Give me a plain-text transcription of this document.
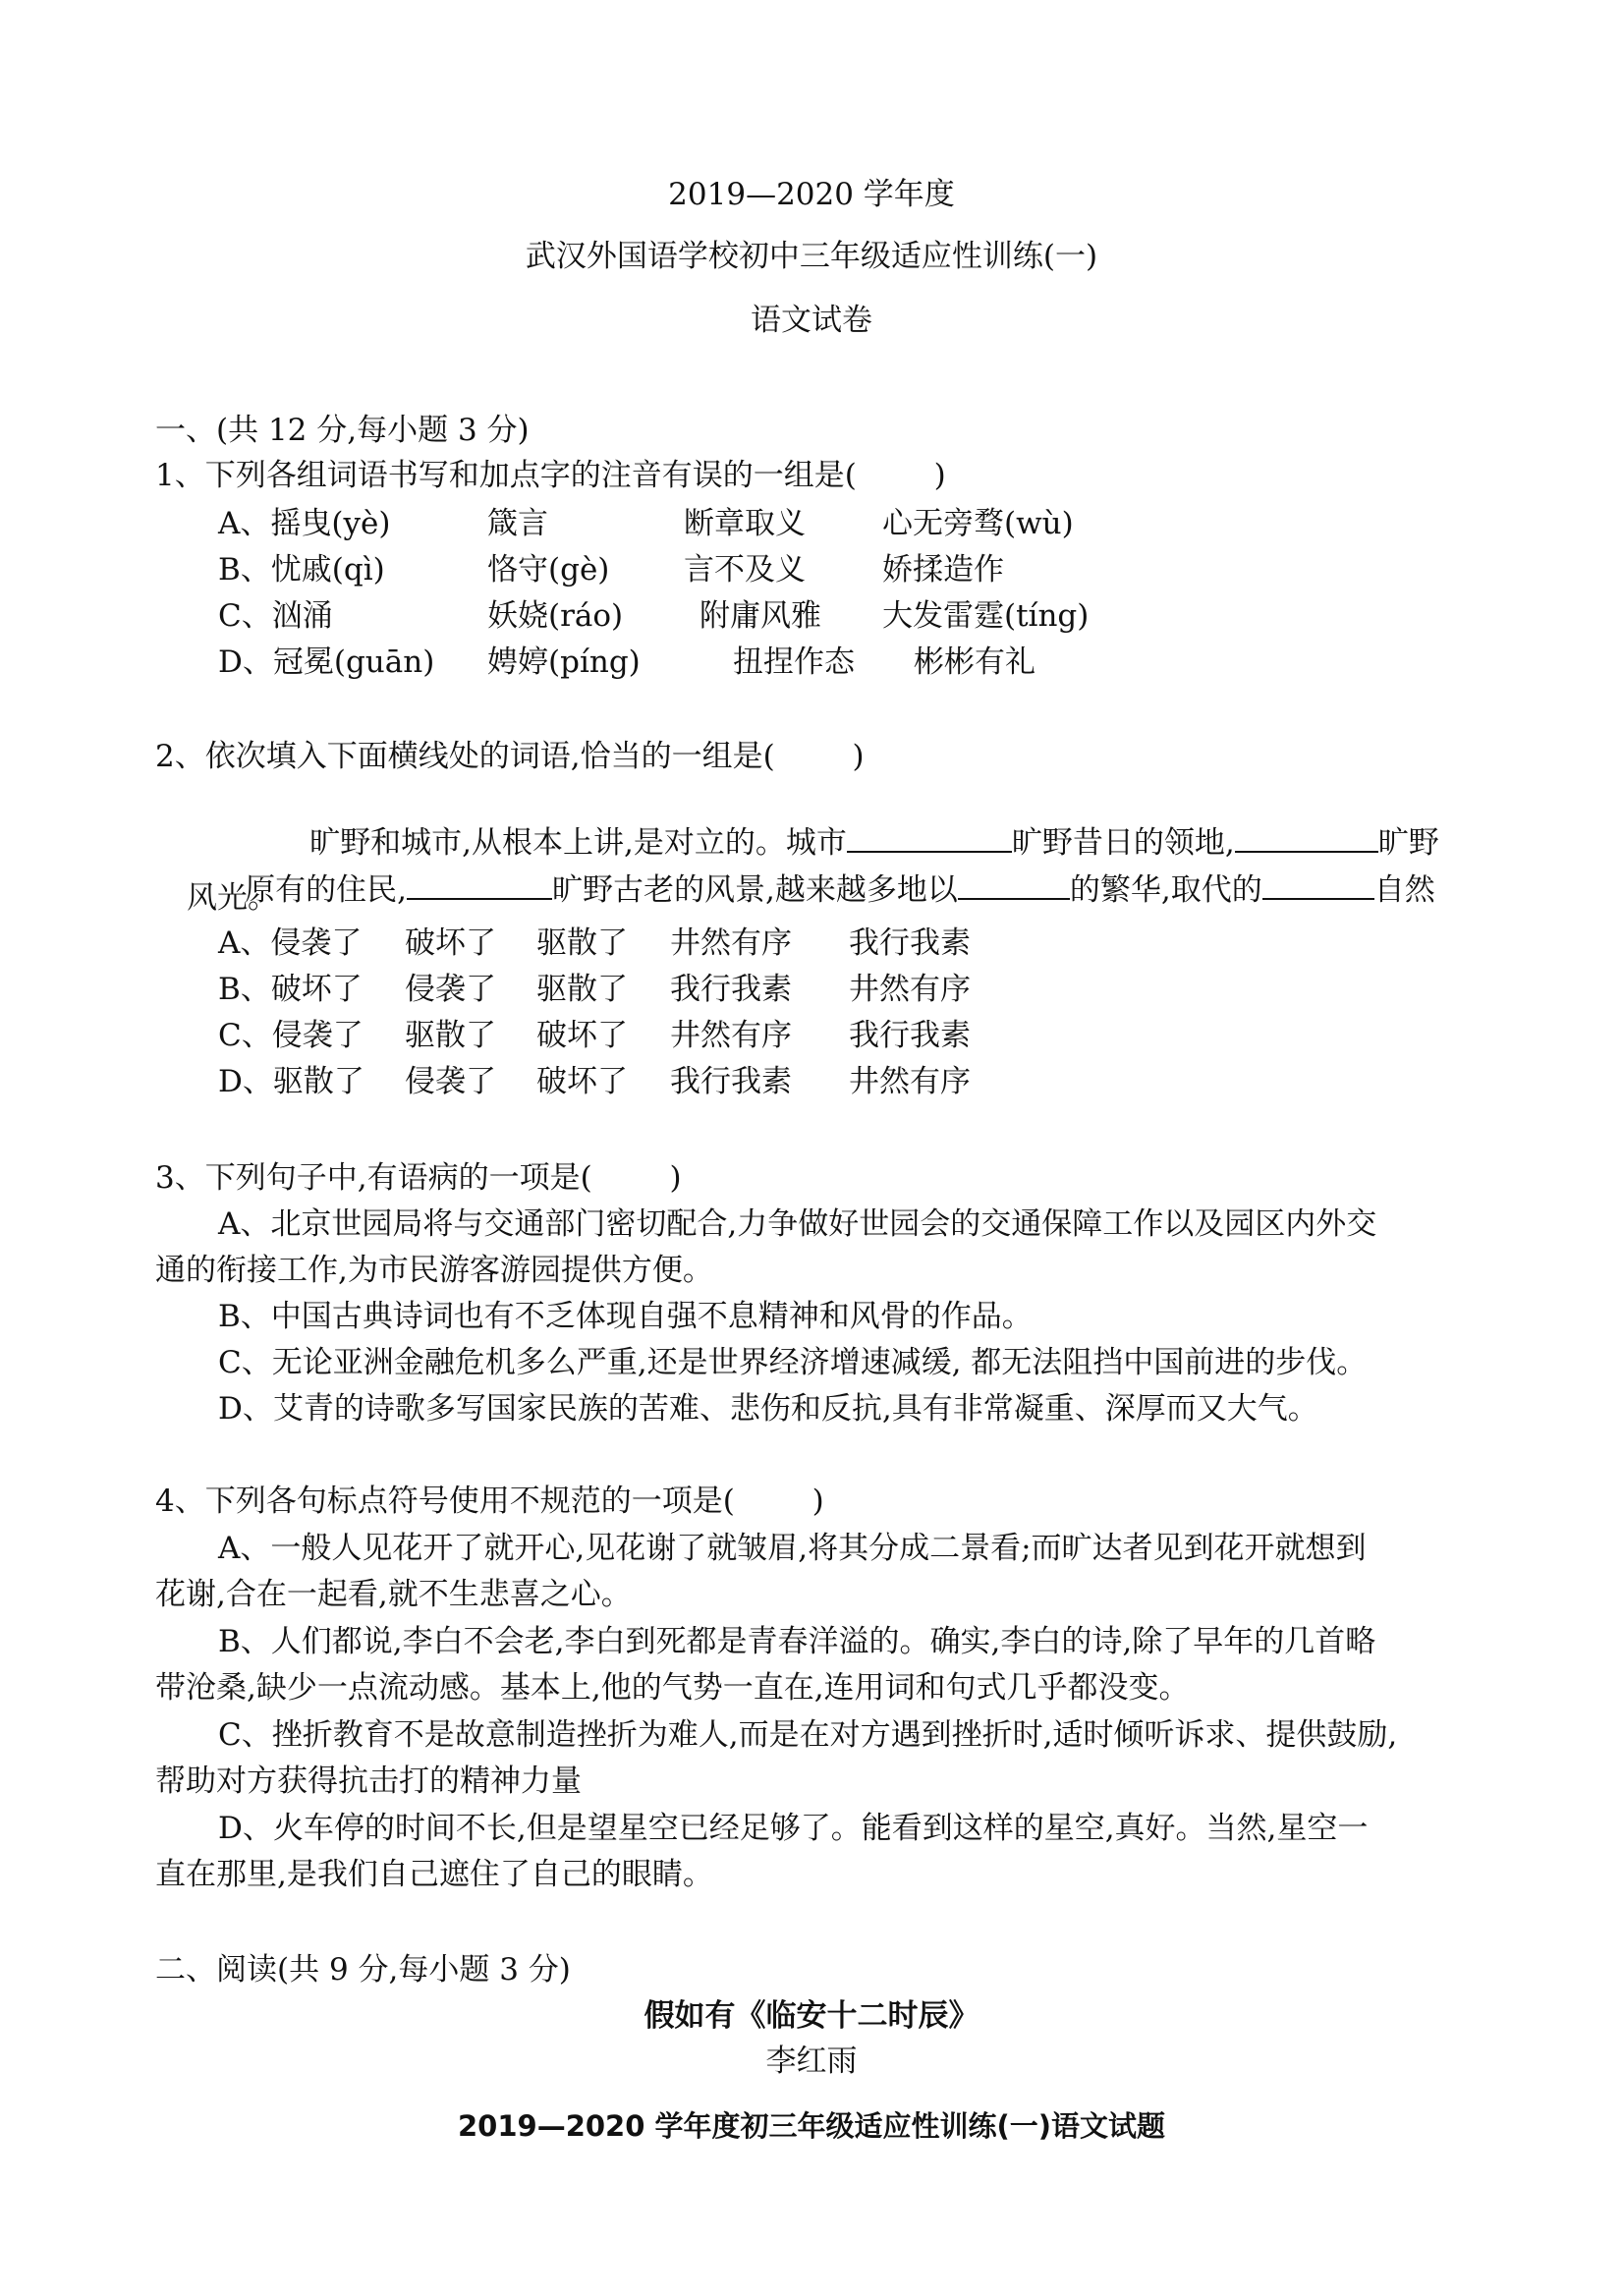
2019—2020 学年度
武汉外国语学校初中三年级适应性训练(一)
语文试卷
一、(共 12 分,每小题 3 分)
1、下列各组词语书写和加点字的注音有误的一组是(        )
A、摇曳(yè)	箴言	断章取义	心无旁骛(wù)
B、忧戚(qì)	恪守(gè) 言不及义	娇揉造作
C、汹涌	妖娆(ráo)	附庸风雅 大发雷霆(tíng)
D、冠冕(guān) 娉婷(píng)	扭捏作态 彬彬有礼
2、依次填入下面横线处的词语,恰当的一组是(        )

旷野和城市,从根本上讲,是对立的。城市	旷野昔日的领地,	旷野

原有的住民,	旷野古老的风景,越来越多地以	的繁华,取代的	自然

风光。
A、侵袭了 破坏了 驱散了 井然有序 我行我素
B、破坏了 侵袭了 驱散了 我行我素 井然有序
C、侵袭了 驱散了 破坏了 井然有序 我行我素
D、驱散了 侵袭了 破坏了 我行我素 井然有序
3、下列句子中,有语病的一项是(        )
A、北京世园局将与交通部门密切配合,力争做好世园会的交通保障工作以及园区内外交
通的衔接工作,为市民游客游园提供方便。
B、中国古典诗词也有不乏体现自强不息精神和风骨的作品。
C、无论亚洲金融危机多么严重,还是世界经济增速减缓, 都无法阻挡中国前进的步伐。
D、艾青的诗歌多写国家民族的苦难、悲伤和反抗,具有非常凝重、深厚而又大气。
4、下列各句标点符号使用不规范的一项是(        )
A、一般人见花开了就开心,见花谢了就皱眉,将其分成二景看;而旷达者见到花开就想到
花谢,合在一起看,就不生悲喜之心。
B、人们都说,李白不会老,李白到死都是青春洋溢的。确实,李白的诗,除了早年的几首略
带沧桑,缺少一点流动感。基本上,他的气势一直在,连用词和句式几乎都没变。
C、挫折教育不是故意制造挫折为难人,而是在对方遇到挫折时,适时倾听诉求、提供鼓励,
帮助对方获得抗击打的精神力量
D、火车停的时间不长,但是望星空已经足够了。能看到这样的星空,真好。当然,星空一
直在那里,是我们自己遮住了自己的眼睛。
二、阅读(共 9 分,每小题 3 分)
假如有《临安十二时辰》
李红雨
2019—2020 学年度初三年级适应性训练(一)语文试题
